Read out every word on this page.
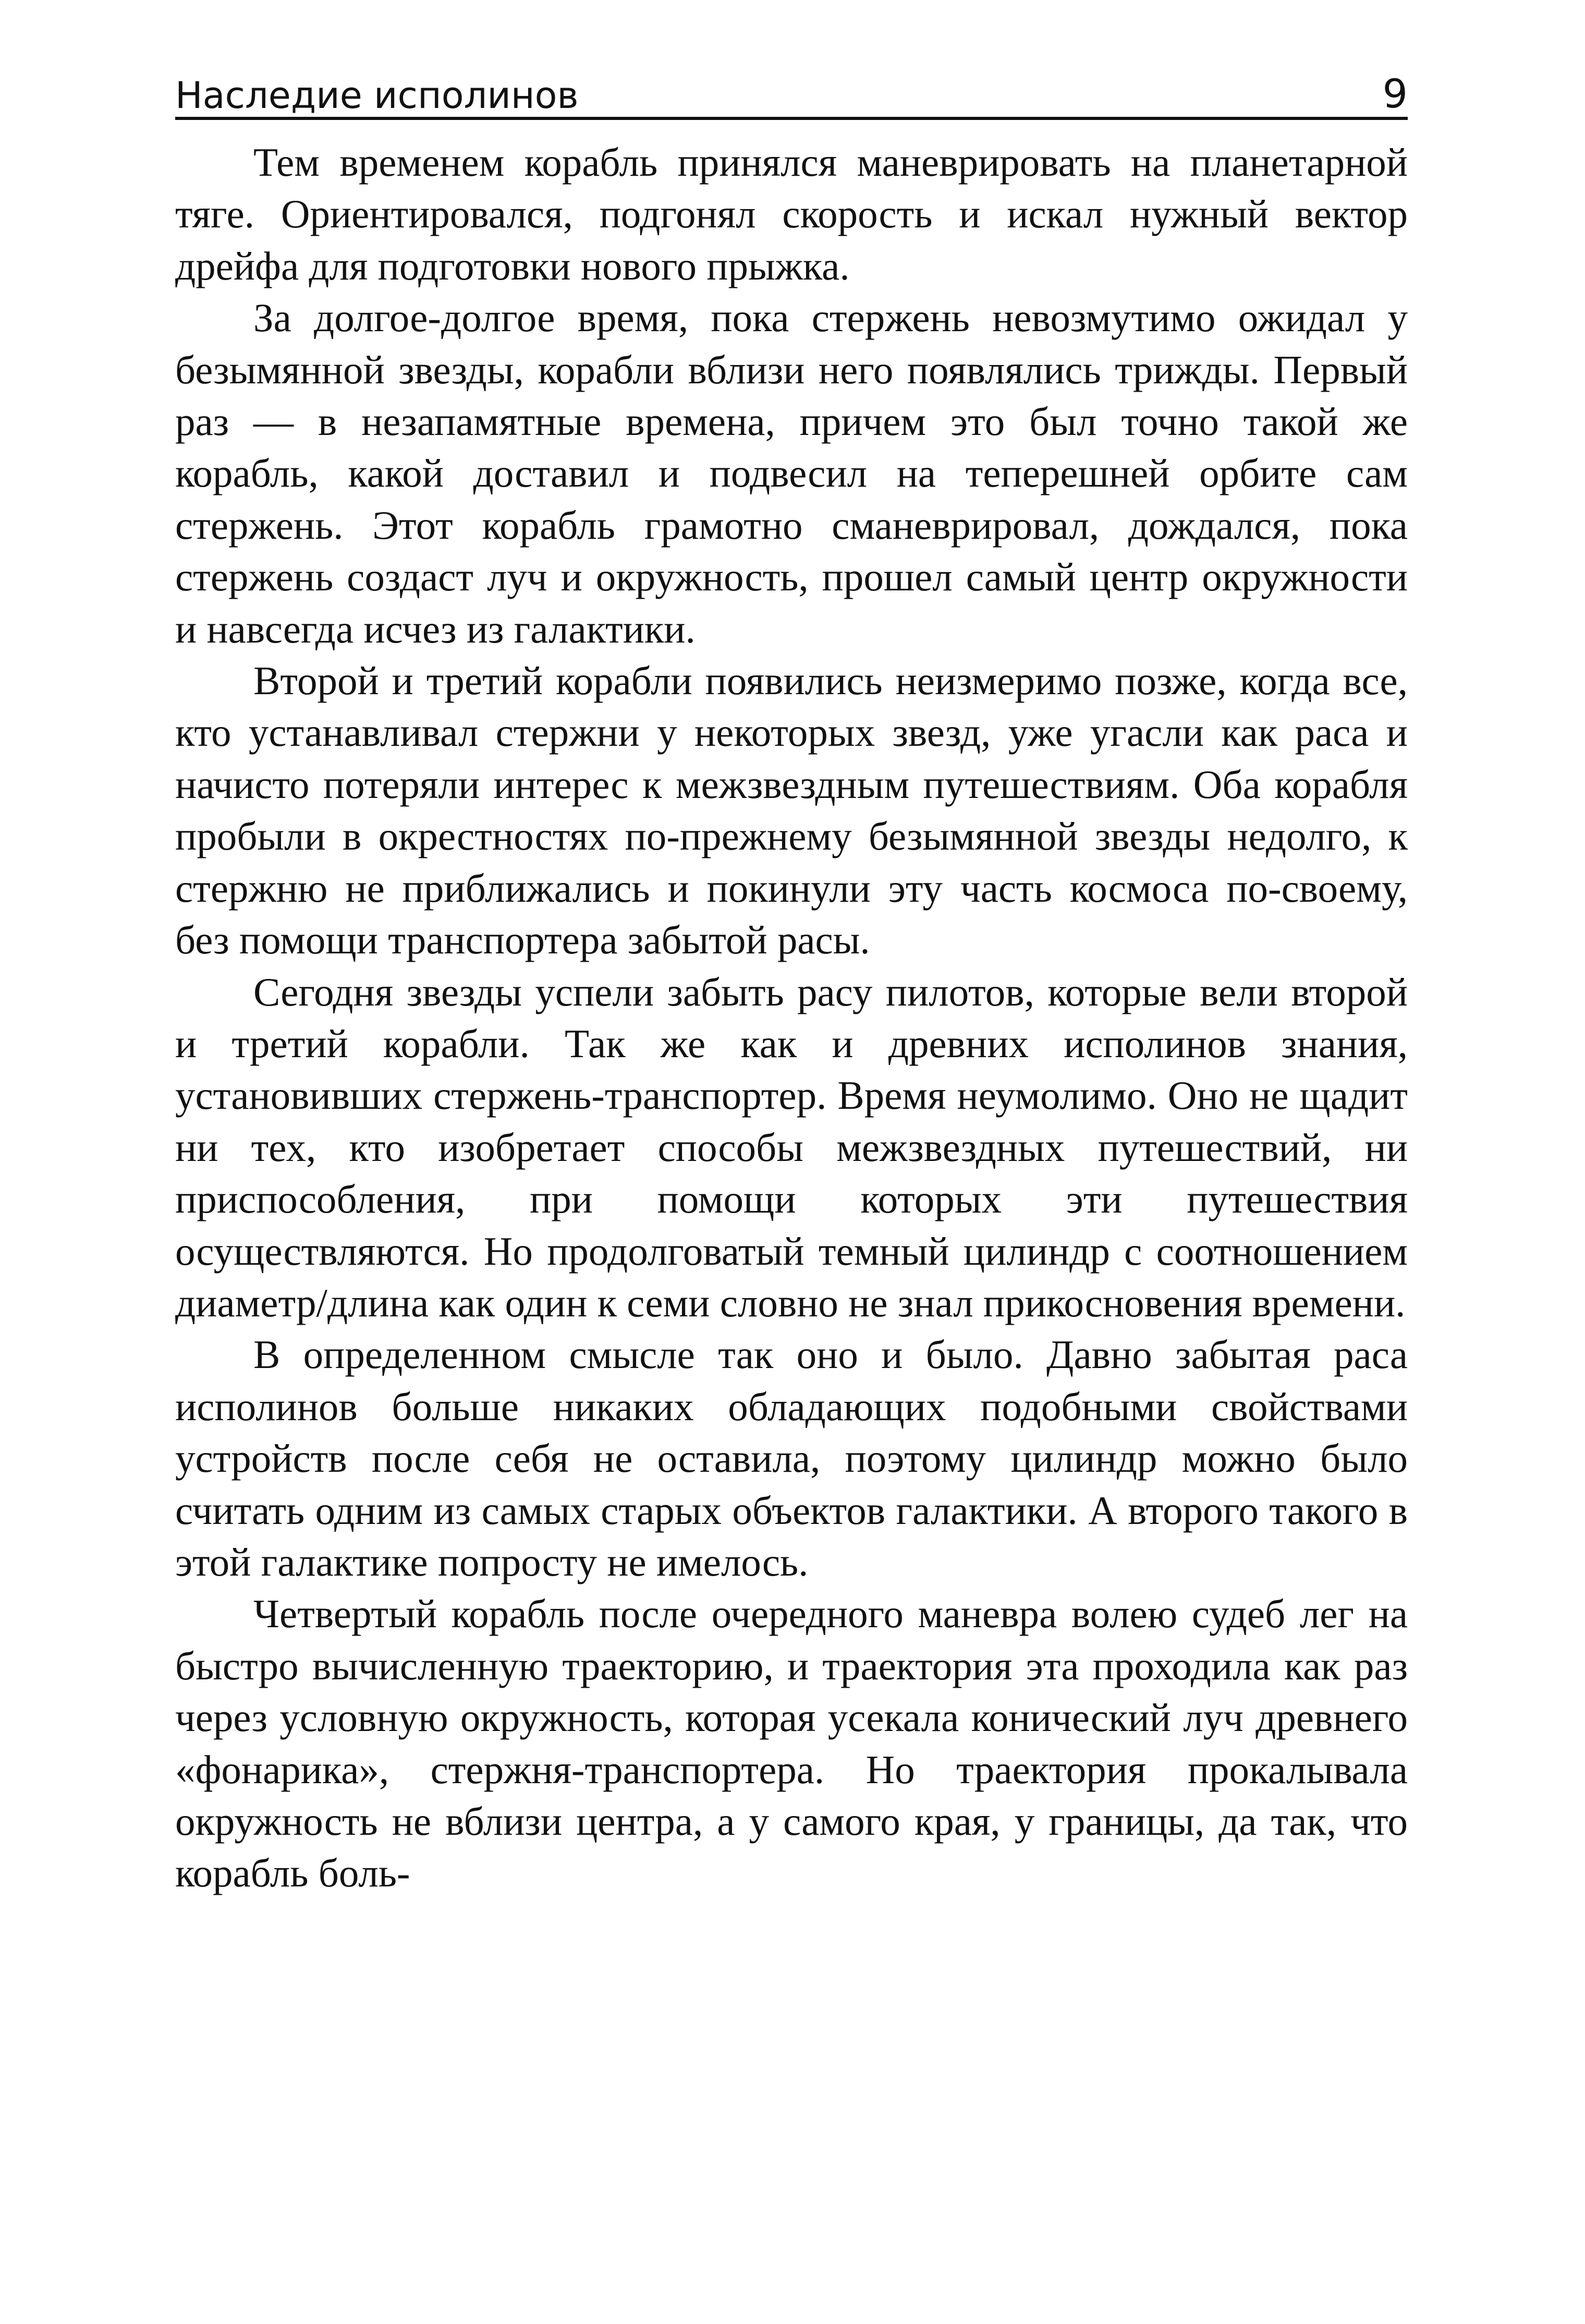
Наследие исполинов	9

Тем временем корабль принялся маневрировать на планетарной тяге. Ориентировался, подгонял скорость и искал нужный вектор дрейфа для подготовки нового прыжка.

За долгое-долгое время, пока стержень невозмутимо ожидал у безымянной звезды, корабли вблизи него появлялись трижды. Первый раз — в незапамятные времена, причем это был точно такой же корабль, какой доставил и подвесил на теперешней орбите сам стержень. Этот корабль грамотно сманеврировал, дождался, пока стержень создаст луч и окружность, прошел самый центр окружности и навсегда исчез из галактики.

Второй и третий корабли появились неизмеримо позже, когда все, кто устанавливал стержни у некоторых звезд, уже угасли как раса и начисто потеряли интерес к межзвездным путешествиям. Оба корабля пробыли в окрестностях по-прежнему безымянной звезды недолго, к стержню не приближались и покинули эту часть космоса по-своему, без помощи транспортера забытой расы.

Сегодня звезды успели забыть расу пилотов, которые вели второй и третий корабли. Так же как и древних исполинов знания, установивших стержень-транспортер. Время неумолимо. Оно не щадит ни тех, кто изобретает способы межзвездных путешествий, ни приспособления, при помощи которых эти путешествия осуществляются. Но продолговатый темный цилиндр с соотношением диаметр/длина как один к семи словно не знал прикосновения времени.

В определенном смысле так оно и было. Давно забытая раса исполинов больше никаких обладающих подобными свойствами устройств после себя не оставила, поэтому цилиндр можно было считать одним из самых старых объектов галактики. А второго такого в этой галактике попросту не имелось.

Четвертый корабль после очередного маневра волею судеб лег на быстро вычисленную траекторию, и траектория эта проходила как раз через условную окружность, которая усекала конический луч древнего «фонарика», стержня-транспортера. Но траектория прокалывала окружность не вблизи центра, а у самого края, у границы, да так, что корабль боль-
